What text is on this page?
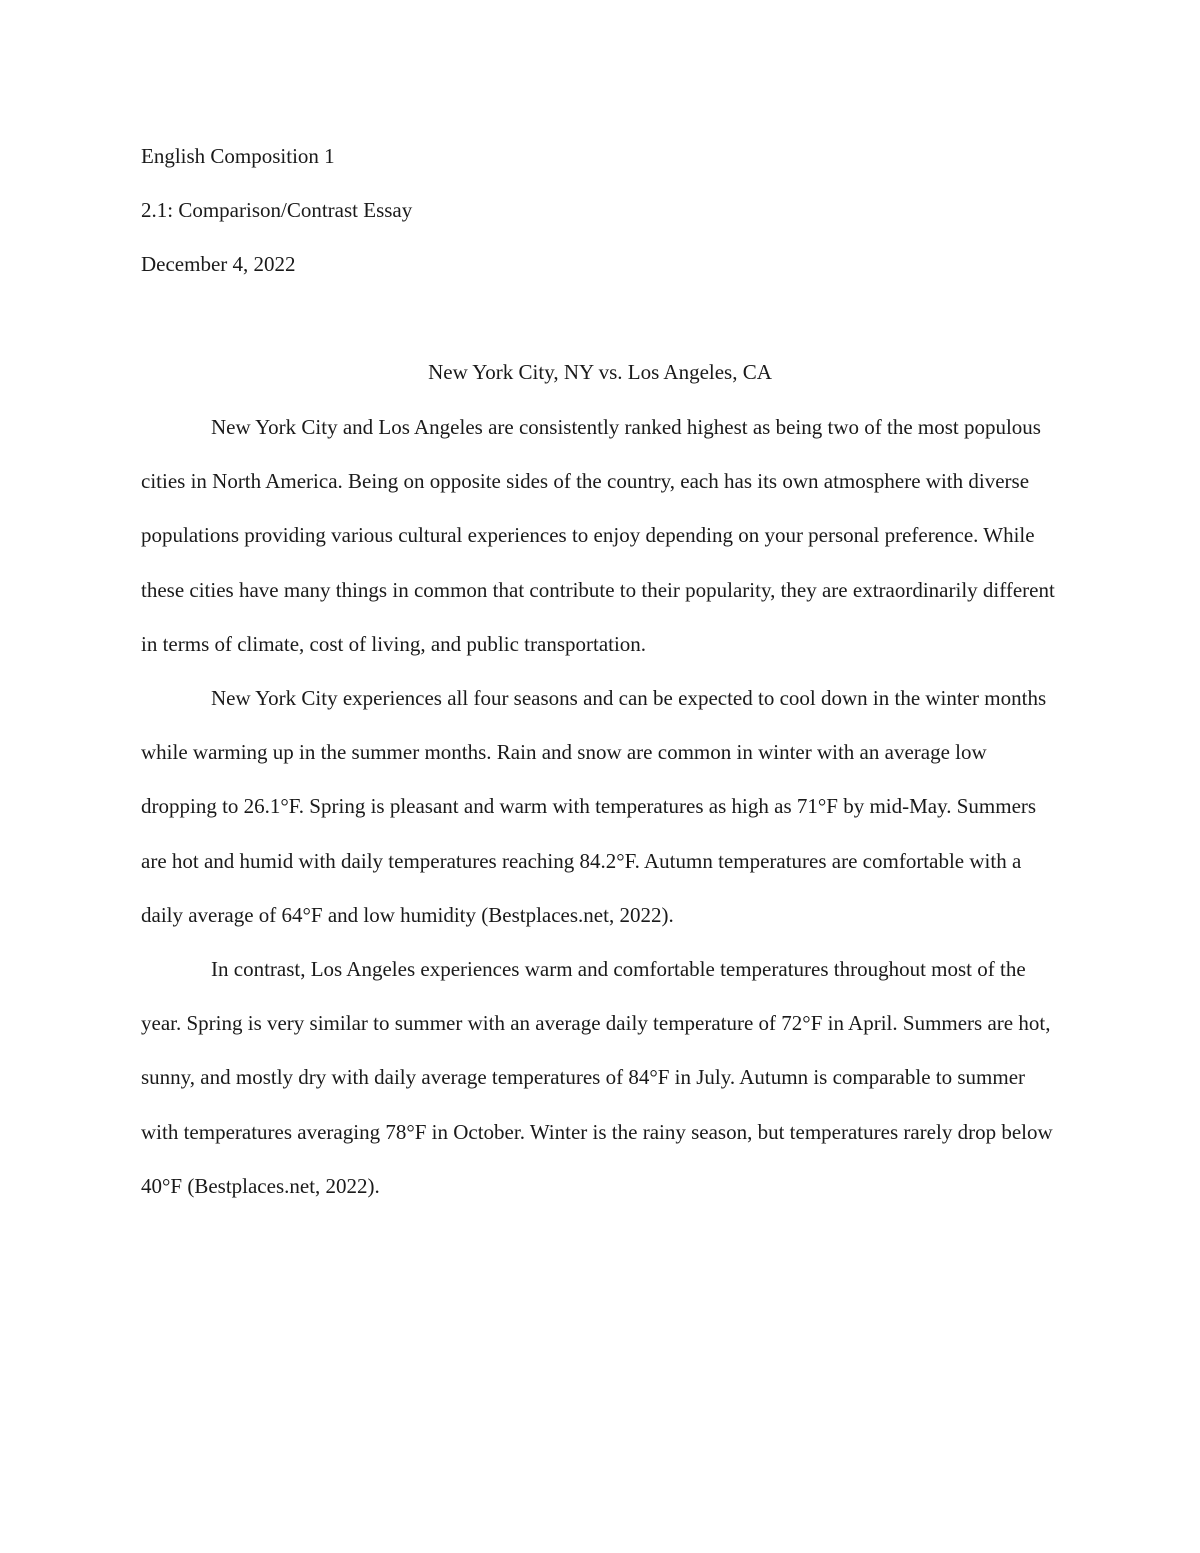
English Composition 1

2.1: Comparison/Contrast Essay

December 4, 2022

New York City, NY vs. Los Angeles, CA

New York City and Los Angeles are consistently ranked highest as being two of the most populous cities in North America. Being on opposite sides of the country, each has its own atmosphere with diverse populations providing various cultural experiences to enjoy depending on your personal preference. While these cities have many things in common that contribute to their popularity, they are extraordinarily different in terms of climate, cost of living, and public transportation.

New York City experiences all four seasons and can be expected to cool down in the winter months while warming up in the summer months. Rain and snow are common in winter with an average low dropping to 26.1°F. Spring is pleasant and warm with temperatures as high as 71°F by mid-May. Summers are hot and humid with daily temperatures reaching 84.2°F. Autumn temperatures are comfortable with a daily average of 64°F and low humidity (Bestplaces.net, 2022).

In contrast, Los Angeles experiences warm and comfortable temperatures throughout most of the year. Spring is very similar to summer with an average daily temperature of 72°F in April. Summers are hot, sunny, and mostly dry with daily average temperatures of 84°F in July. Autumn is comparable to summer with temperatures averaging 78°F in October. Winter is the rainy season, but temperatures rarely drop below 40°F (Bestplaces.net, 2022).
